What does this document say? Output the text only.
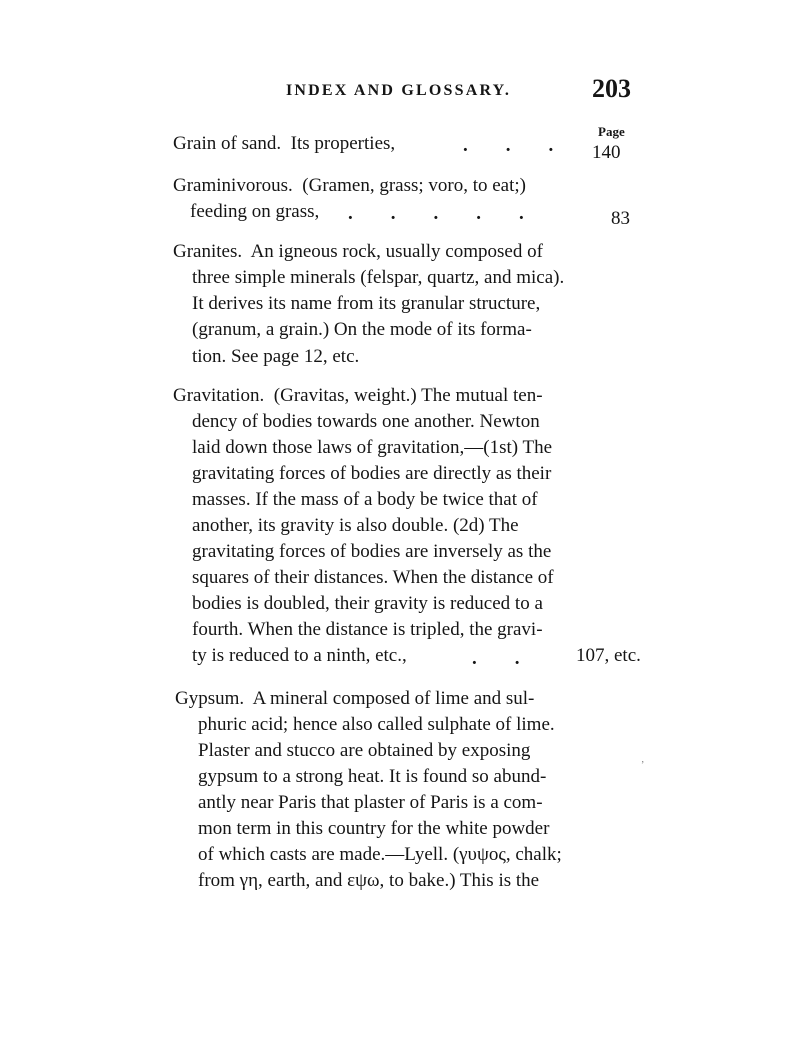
INDEX AND GLOSSARY.	203
Page
Grain of sand. Its properties,	.        .        . 140
Graminivorous. (Gramen, grass; voro, to eat;)
feeding on grass, .        .        .        .        .	83
Granites. An igneous rock, usually composed of
three simple minerals (felspar, quartz, and mica).
It derives its name from its granular structure,
(granum, a grain.) On the mode of its forma-
tion. See page 12, etc.
Gravitation. (Gravitas, weight.) The mutual ten-
dency of bodies towards one another. Newton
laid down those laws of gravitation,—(1st) The
gravitating forces of bodies are directly as their
masses. If the mass of a body be twice that of
another, its gravity is also double. (2d) The
gravitating forces of bodies are inversely as the
squares of their distances. When the distance of
bodies is doubled, their gravity is reduced to a
fourth. When the distance is tripled, the gravi-
ty is reduced to a ninth, etc.,	.        .	107, etc.
Gypsum. A mineral composed of lime and sul-
phuric acid; hence also called sulphate of lime.
Plaster and stucco are obtained by exposing
gypsum to a strong heat. It is found so abund-
antly near Paris that plaster of Paris is a com-
mon term in this country for the white powder
of which casts are made.—Lyell. (γυψος, chalk;
from γη, earth, and εψω, to bake.) This is the
’
